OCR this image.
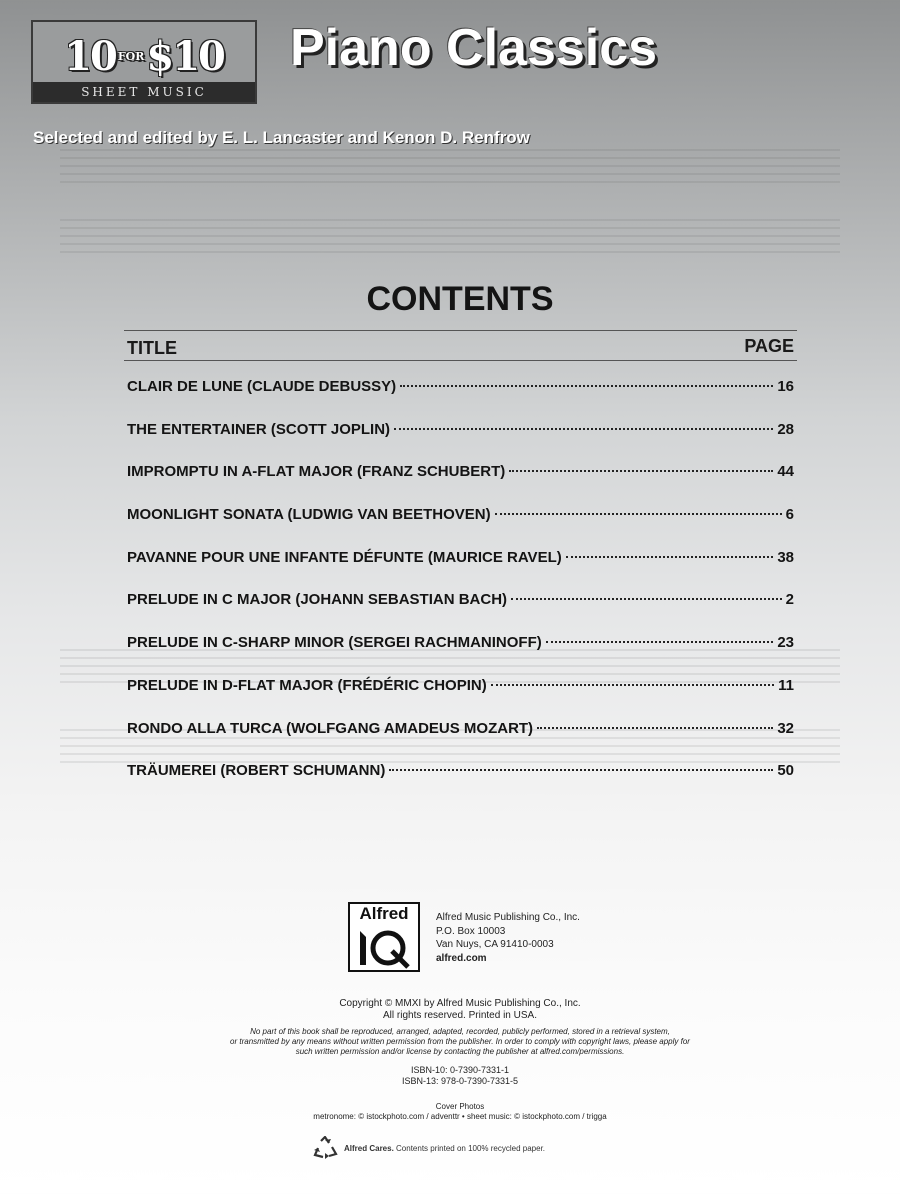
10 FOR $10
SHEET MUSIC
Piano Classics
Selected and edited by E. L. Lancaster and Kenon D. Renfrow
CONTENTS
TITLE	PAGE
CLAIR DE LUNE (CLAUDE DEBUSSY)	16
THE ENTERTAINER (SCOTT JOPLIN)	28
IMPROMPTU IN A-FLAT MAJOR (FRANZ SCHUBERT)	44
MOONLIGHT SONATA (LUDWIG VAN BEETHOVEN)	6
PAVANNE POUR UNE INFANTE DÉFUNTE (MAURICE RAVEL)	38
PRELUDE IN C MAJOR (JOHANN SEBASTIAN BACH)	2
PRELUDE IN C-SHARP MINOR (SERGEI RACHMANINOFF)	23
PRELUDE IN D-FLAT MAJOR (FRÉDÉRIC CHOPIN)	11
RONDO ALLA TURCA (WOLFGANG AMADEUS MOZART)	32
TRÄUMEREI (ROBERT SCHUMANN)	50
Alfred	Alfred Music Publishing Co., Inc.
P.O. Box 10003
Van Nuys, CA 91410-0003
alfred.com
Copyright © MMXI by Alfred Music Publishing Co., Inc.
All rights reserved. Printed in USA.
No part of this book shall be reproduced, arranged, adapted, recorded, publicly performed, stored in a retrieval system,
or transmitted by any means without written permission from the publisher. In order to comply with copyright laws, please apply for
such written permission and/or license by contacting the publisher at alfred.com/permissions.
ISBN-10: 0-7390-7331-1
ISBN-13: 978-0-7390-7331-5
Cover Photos
metronome: © istockphoto.com / adventtr • sheet music: © istockphoto.com / trigga
Alfred Cares. Contents printed on 100% recycled paper.
